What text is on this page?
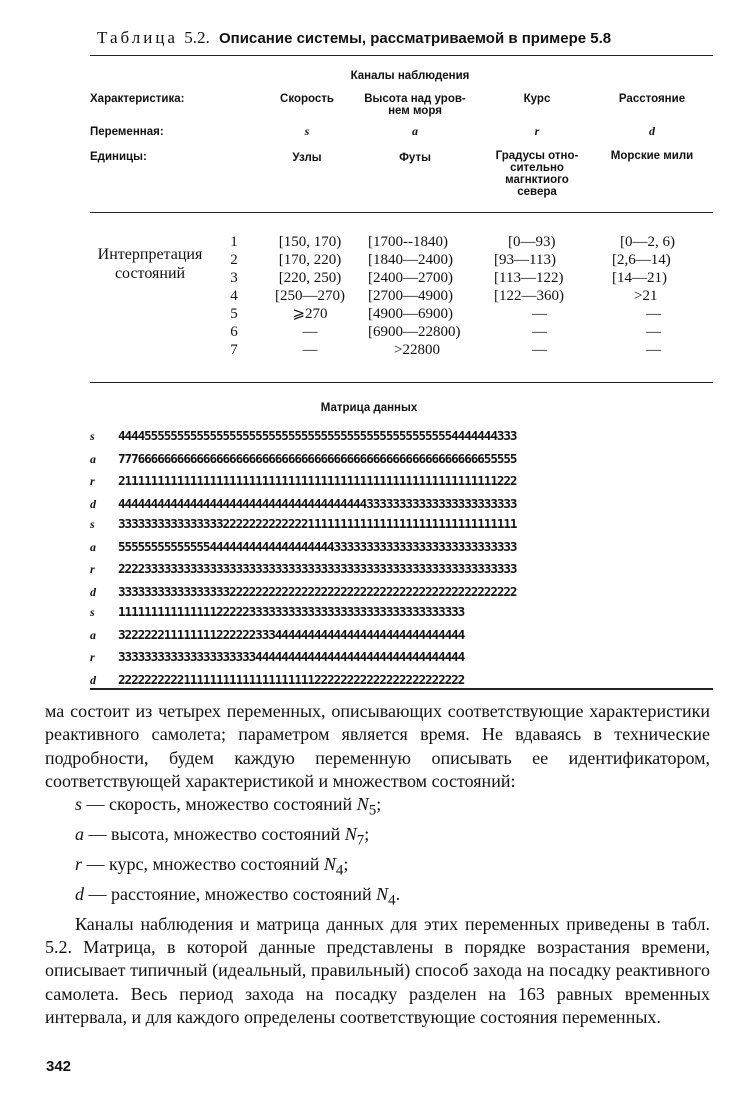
Таблица 5.2. Описание системы, рассматриваемой в примере 5.8
Каналы наблюдения
Характеристика:
Переменная:
Единицы:
Скорость
s
Узлы
Высота над уров-
нем моря
a
Футы
Курс
r
Градусы отно-
сительно
магнктиого
севера
Расстояние
d
Морские мили
Интерпретация
состояний
1
2
3
4
5
6
7
[150, 170)
[170, 220)
[220, 250)
[250—270)
⩾270
—
—
[1700--1840)
[1840—2400)
[2400—2700)
[2700—4900)
[4900—6900)
[6900—22800)
>22800
[0—93)
[93—113)
[113—122)
[122—360)
—
—
—
[0—2, 6)
[2,6—14)
[14—21)
>21
—
—
—
Матрица данных
s 4444555555555555555555555555555555555555555555555554444444333
a 7776666666666666666666666666666666666666666666666666666655555
r 2111111111111111111111111111111111111111111111111111111111222
d 4444444444444444444444444444444444444433333333333333333333333
s 3333333333333333222222222222211111111111111111111111111111111
a 5555555555555544444444444444444443333333333333333333333333333
r 2222333333333333333333333333333333333333333333333333333333333
d 3333333333333333322222222222222222222222222222222222222222222
s 11111111111111122222333333333333333333333333333333333
a 32222221111111122222233344444444444444444444444444444
r 33333333333333333333344444444444444444444444444444444
d 22222222221111111111111111111122222222222222222222222

ма состоит из четырех переменных, описывающих соответствующие характеристики реактивного самолета; параметром является время. Не вдаваясь в технические подробности, будем каждую переменную описывать ее идентификатором, соответствующей характеристикой и множеством состояний:

s — скорость, множество состояний $N_5$;
a — высота, множество состояний $N_7$;
r — курс, множество состояний $N_4$;
d — расстояние, множество состояний $N_4$.

Каналы наблюдения и матрица данных для этих переменных приведены в табл. 5.2. Матрица, в которой данные представлены в порядке возрастания времени, описывает типичный (идеальный, правильный) способ захода на посадку реактивного самолета. Весь период захода на посадку разделен на 163 равных временных интервала, и для каждого определены соответствующие состояния переменных.

342
